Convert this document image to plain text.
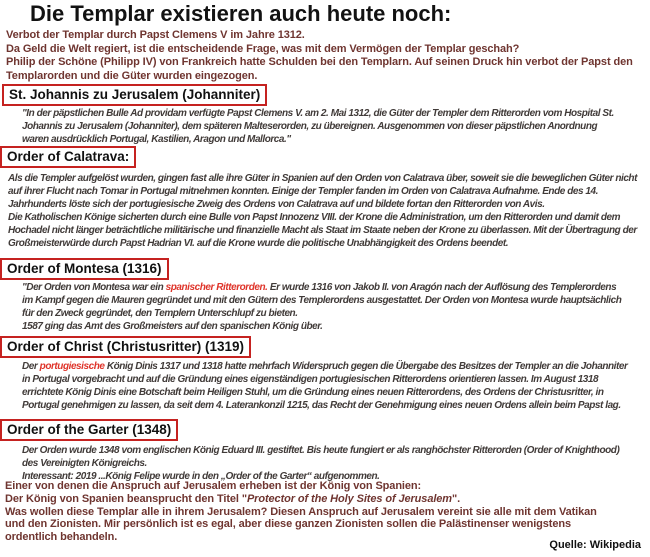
Die Templar existieren auch heute noch:
Verbot der Templar durch Papst Clemens V im Jahre 1312.
Da Geld die Welt regiert, ist die entscheidende Frage, was mit dem Vermögen der Templar geschah?
Philip der Schöne (Philipp IV) von Frankreich hatte Schulden bei den Templarn. Auf seinen Druck hin verbot der Papst den Templarorden und die Güter wurden eingezogen.
St. Johannis zu Jerusalem (Johanniter)
"In der päpstlichen Bulle Ad providam verfügte Papst Clemens V. am 2. Mai 1312, die Güter der Templer dem Ritterorden vom Hospital St. Johannis zu Jerusalem (Johanniter), dem späteren Malteserorden, zu übereignen. Ausgenommen von dieser päpstlichen Anordnung waren ausdrücklich Portugal, Kastilien, Aragon und Mallorca."
Order of Calatrava:
Als die Templer aufgelöst wurden, gingen fast alle ihre Güter in Spanien auf den Orden von Calatrava über, soweit sie die beweglichen Güter nicht auf ihrer Flucht nach Tomar in Portugal mitnehmen konnten. Einige der Templer fanden im Orden von Calatrava Aufnahme. Ende des 14. Jahrhunderts löste sich der portugiesische Zweig des Ordens von Calatrava auf und bildete fortan den Ritterorden von Avis.
Die Katholischen Könige sicherten durch eine Bulle von Papst Innozenz VIII. der Krone die Administration, um den Ritterorden und damit dem Hochadel nicht länger beträchtliche militärische und finanzielle Macht als Staat im Staate neben der Krone zu überlassen. Mit der Übertragung der Großmeisterwürde durch Papst Hadrian VI. auf die Krone wurde die politische Unabhängigkeit des Ordens beendet.
Order of Montesa (1316)
"Der Orden von Montesa war ein spanischer Ritterorden. Er wurde 1316 von Jakob II. von Aragón nach der Auflösung des Templerordens im Kampf gegen die Mauren gegründet und mit den Gütern des Templerordens ausgestattet. Der Orden von Montesa wurde hauptsächlich für den Zweck gegründet, den Templern Unterschlupf zu bieten.
1587 ging das Amt des Großmeisters auf den spanischen König über.
Order of Christ (Christusritter) (1319)
Der portugiesische König Dinis 1317 und 1318 hatte mehrfach Widerspruch gegen die Übergabe des Besitzes der Templer an die Johanniter in Portugal vorgebracht und auf die Gründung eines eigenständigen portugiesischen Ritterordens orientieren lassen. Im August 1318 errichtete König Dinis eine Botschaft beim Heiligen Stuhl, um die Gründung eines neuen Ritterordens, des Ordens der Christusritter, in Portugal genehmigen zu lassen, da seit dem 4. Laterankonzil 1215, das Recht der Genehmigung eines neuen Ordens allein beim Papst lag.
Order of the Garter (1348)
Der Orden wurde 1348 vom englischen König Eduard III. gestiftet. Bis heute fungiert er als ranghöchster Ritterorden (Order of Knighthood) des Vereinigten Königreichs.
Interessant: 2019 ...König Felipe wurde in den „Order of the Garter“ aufgenommen.
Einer von denen die Anspruch auf Jerusalem erheben ist der König von Spanien:
Der König von Spanien beansprucht den Titel "Protector of the Holy Sites of Jerusalem".
Was wollen diese Templar alle in ihrem Jerusalem? Diesen Anspruch auf Jerusalem vereint sie alle mit dem Vatikan und den Zionisten. Mir persönlich ist es egal, aber diese ganzen Zionisten sollen die Palästinenser wenigstens ordentlich behandeln.
Quelle: Wikipedia
